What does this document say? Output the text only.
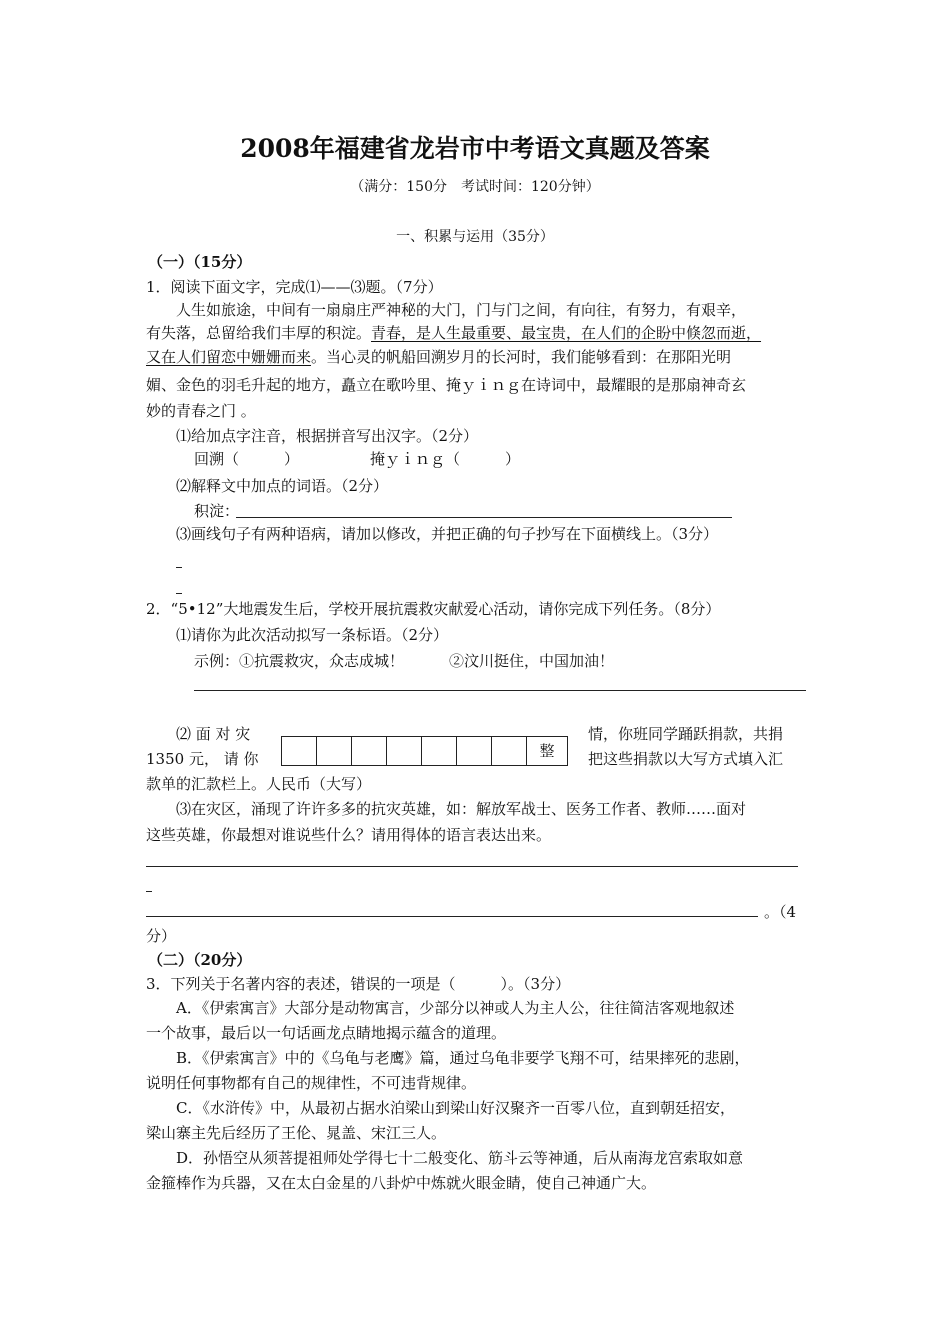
2008年福建省龙岩市中考语文真题及答案
（满分：150分　考试时间：120分钟）
一、积累与运用（35分）
（一）（15分）
1．阅读下面文字，完成⑴——⑶题。（7分）
人生如旅途，中间有一扇扇庄严神秘的大门，门与门之间，有向往，有努力，有艰辛，
有失落，总留给我们丰厚的积淀。青春，是人生最重要、最宝贵，在人们的企盼中倏忽而逝，
又在人们留恋中姗姗而来。当心灵的帆船回溯岁月的长河时，我们能够看到：在那阳光明
媚、金色的羽毛升起的地方，矗立在歌吟里、掩ｙｉｎｇ在诗词中，最耀眼的是那扇神奇玄
妙的青春之门 。
⑴给加点字注音，根据拼音写出汉字。（2分）
回溯（　　　）	掩ｙｉｎｇ（　　　）
⑵解释文中加点的词语。（2分）
积淀：
⑶画线句子有两种语病，请加以修改，并把正确的句子抄写在下面横线上。（3分）
2．“5•12”大地震发生后，学校开展抗震救灾献爱心活动，请你完成下列任务。（8分）
⑴请你为此次活动拟写一条标语。（2分）
示例：①抗震救灾，众志成城！　　　②汶川挺住，中国加油！
⑵ 面 对 灾
1350 元， 请 你	整
情，你班同学踊跃捐款，共捐
把这些捐款以大写方式填入汇
款单的汇款栏上。人民币（大写）
⑶在灾区，涌现了许许多多的抗灾英雄，如：解放军战士、医务工作者、教师……面对
这些英雄，你最想对谁说些什么？请用得体的语言表达出来。
。（4
分）
（二）（20分）
3．下列关于名著内容的表述，错误的一项是（　　　）。（3分）
A．《伊索寓言》大部分是动物寓言，少部分以神或人为主人公，往往简洁客观地叙述
一个故事，最后以一句话画龙点睛地揭示蕴含的道理。
B．《伊索寓言》中的《乌龟与老鹰》篇，通过乌龟非要学飞翔不可，结果摔死的悲剧，
说明任何事物都有自己的规律性，不可违背规律。
C．《水浒传》中，从最初占据水泊梁山到梁山好汉聚齐一百零八位，直到朝廷招安，
梁山寨主先后经历了王伦、晁盖、宋江三人。
D．孙悟空从须菩提祖师处学得七十二般变化、筋斗云等神通，后从南海龙宫索取如意
金箍棒作为兵器，又在太白金星的八卦炉中炼就火眼金睛，使自己神通广大。
